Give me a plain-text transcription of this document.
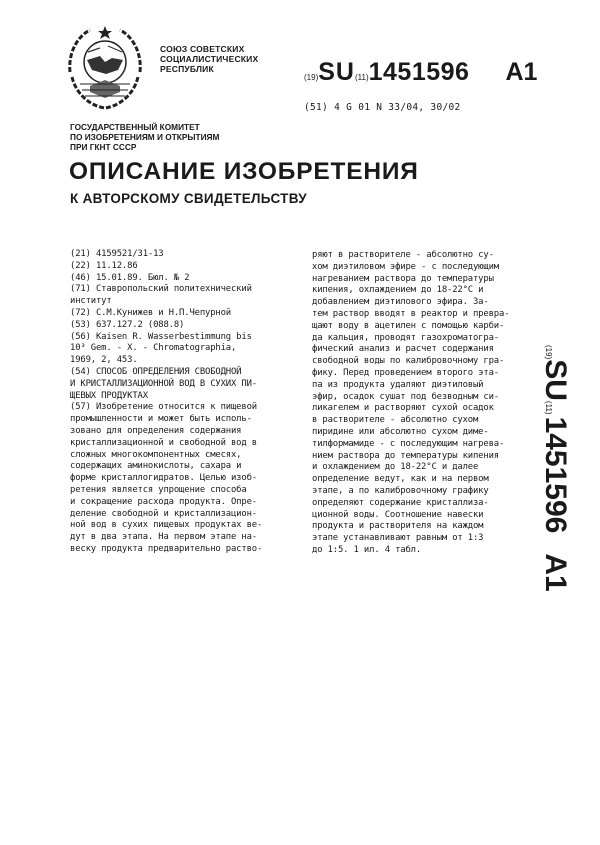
СОЮЗ СОВЕТСКИХ
СОЦИАЛИСТИЧЕСКИХ
РЕСПУБЛИК
(19) SU (11) 1451596 A1
(51) 4 G 01 N 33/04, 30/02
ГОСУДАРСТВЕННЫЙ КОМИТЕТ
ПО ИЗОБРЕТЕНИЯМ И ОТКРЫТИЯМ
ПРИ ГКНТ СССР
ОПИСАНИЕ ИЗОБРЕТЕНИЯ
К АВТОРСКОМУ СВИДЕТЕЛЬСТВУ
(21) 4159521/31-13
(22) 11.12.86
(46) 15.01.89. Бюл. № 2
(71) Ставропольский политехнический
институт
(72) С.М.Кунижев и Н.П.Чепурной
(53) 637.127.2 (088.8)
(56) Kaisen R. Wasserbestimmung bis
10³ Gem. - X. - Chromatographia,
1969, 2, 453.
(54) СПОСОБ ОПРЕДЕЛЕНИЯ СВОБОДНОЙ
И КРИСТАЛЛИЗАЦИОННОЙ ВОД В СУХИХ ПИ-
ЩЕВЫХ ПРОДУКТАХ
(57) Изобретение относится к пищевой
промышленности и может быть исполь-
зовано для определения содержания
кристаллизационной и свободной вод в
сложных многокомпонентных смесях,
содержащих аминокислоты, сахара и
форме кристаллогидратов. Целью изоб-
ретения является упрощение способа
и сокращение расхода продукта. Опре-
деление свободной и кристаллизацион-
ной вод в сухих пищевых продуктах ве-
дут в два этапа. На первом этапе на-
веску продукта предварительно раство-
ряют в растворителе - абсолютно су-
хом диэтиловом эфире - с последующим
нагреванием раствора до температуры
кипения, охлаждением до 18-22°С и
добавлением диэтилового эфира. За-
тем раствор вводят в реактор и превра-
щают воду в ацетилен с помощью карби-
да кальция, проводят газохроматогра-
фический анализ и расчет содержания
свободной воды по калибровочному гра-
фику. Перед проведением второго эта-
па из продукта удаляют диэтиловый
эфир, осадок сушат под безводным си-
ликагелем и растворяют сухой осадок
в растворителе - абсолютно сухом
пиридине или абсолютно сухом диме-
тилформамиде - с последующим нагрева-
нием раствора до температуры кипения
и охлаждением до 18-22°С и далее
определение ведут, как и на первом
этапе, а по калибровочному графику
определяют содержание кристаллиза-
ционной воды. Соотношение навески
продукта и растворителя на каждом
этапе устанавливают равным от 1:3
до 1:5. 1 ил. 4 табл.
(19)
SU
(11)
1451596
A1
